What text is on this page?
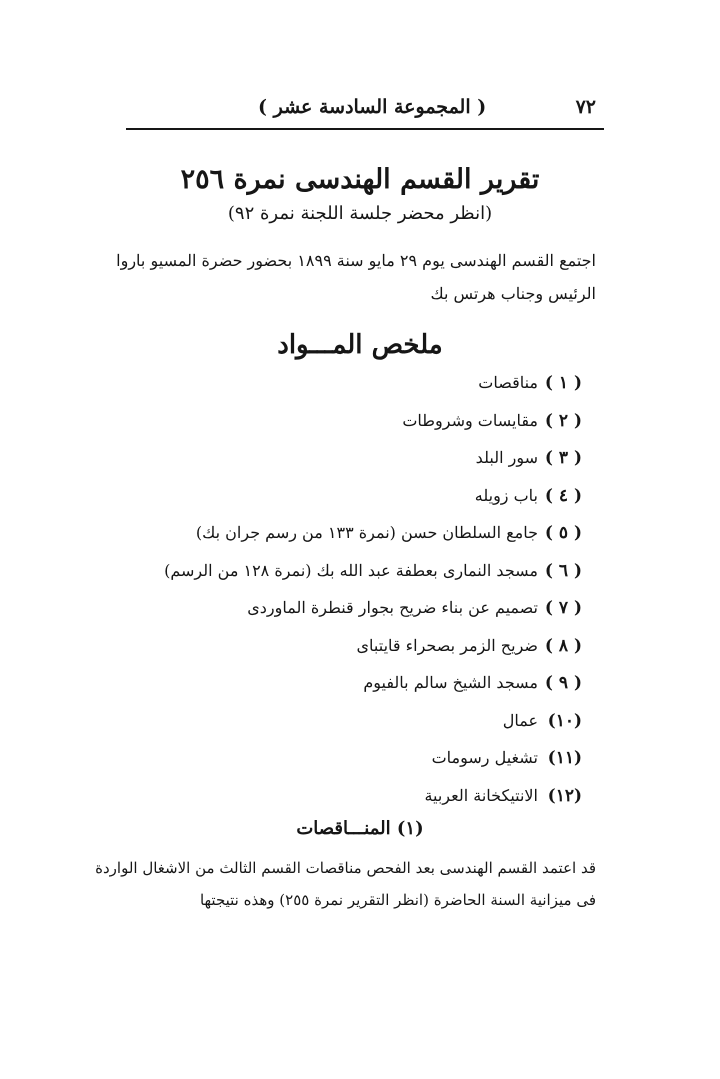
٧٢
( المجموعة السادسة عشر )
تقرير القسم الهندسى نمرة ٢٥٦
(انظر محضر جلسة اللجنة نمرة ٩٢)
اجتمع القسم الهندسى يوم ٢٩ مايو سنة ١٨٩٩ بحضور حضرة المسيو باروا
الرئيس وجناب هرتس بك
ملخص المـــواد
( ١ )مناقصات
( ٢ )مقايسات وشروطات
( ٣ )سور البلد
( ٤ )باب زويله
( ٥ )جامع السلطان حسن (نمرة ١٣٣ من رسم جران بك)
( ٦ )مسجد النمارى بعطفة عبد الله بك (نمرة ١٢٨ من الرسم)
( ٧ )تصميم عن بناء ضريح بجوار قنطرة الماوردى
( ٨ )ضريح الزمر بصحراء قايتباى
( ٩ )مسجد الشيخ سالم بالفيوم
(١٠)عمال
(١١)تشغيل رسومات
(١٢)الانتيكخانة العربية
(١) المنـــاقصات
قد اعتمد القسم الهندسى بعد الفحص مناقصات القسم الثالث من الاشغال الواردة
فى ميزانية السنة الحاضرة (انظر التقرير نمرة ٢٥٥) وهذه نتيجتها
